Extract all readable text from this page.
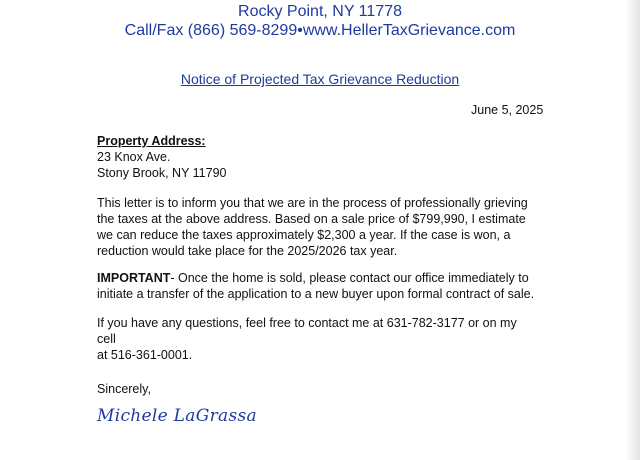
Rocky Point, NY 11778
Call/Fax (866) 569-8299•www.HellerTaxGrievance.com
Notice of Projected Tax Grievance Reduction
June 5, 2025
Property Address:
23 Knox Ave.
Stony Brook, NY 11790
This letter is to inform you that we are in the process of professionally grieving
the taxes at the above address. Based on a sale price of $799,990, I estimate
we can reduce the taxes approximately $2,300 a year. If the case is won, a
reduction would take place for the 2025/2026 tax year.
IMPORTANT- Once the home is sold, please contact our office immediately to
initiate a transfer of the application to a new buyer upon formal contract of sale.
If you have any questions, feel free to contact me at 631-782-3177 or on my cell
at 516-361-0001.
Sincerely,
Michele LaGrassa
